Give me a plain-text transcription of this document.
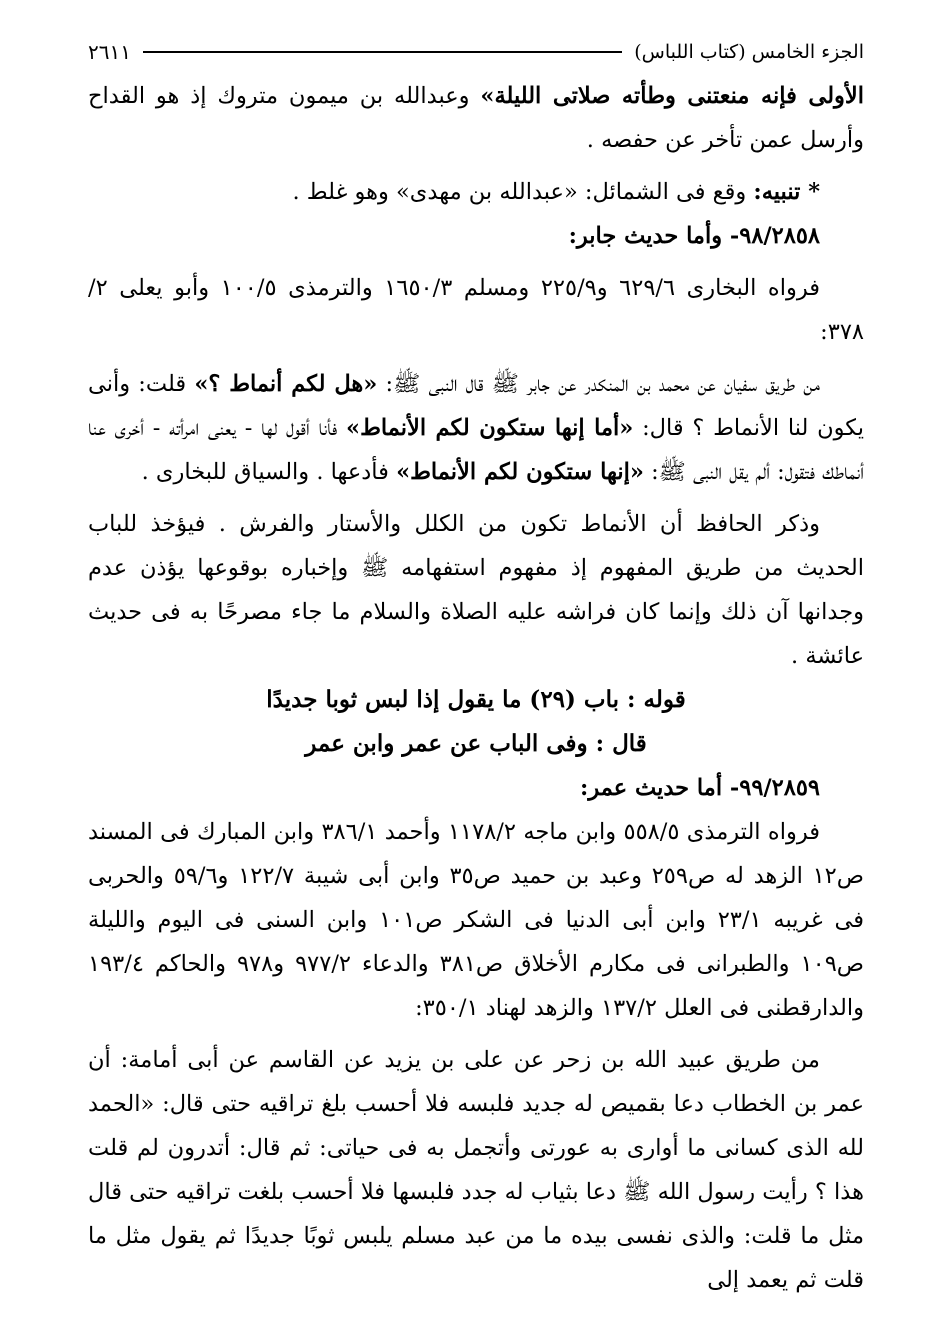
الجزء الخامس (كتاب اللباس)
٢٦١١

الأولى فإنه منعتنى وطأته صلاتى الليلة» وعبدالله بن ميمون متروك إذ هو القداح وأرسل عمن تأخر عن حفصه .

* تنبيه: وقع فى الشمائل: «عبدالله بن مهدى» وهو غلط .

٩٨/٢٨٥٨- وأما حديث جابر:

فرواه البخارى ٦٢٩/٦ و٢٢٥/٩ ومسلم ١٦٥٠/٣ والترمذى ١٠٠/٥ وأبو يعلى ٢/ ٣٧٨:

من طريق سفيان عن محمد بن المنكدر عن جابر ﷺ قال النبى ﷺ: «هل لكم أنماط ؟» قلت: وأنى يكون لنا الأنماط ؟ قال: «أما إنها ستكون لكم الأنماط» فأنا أقول لها - يعنى امرأته - أخرى عنا أنماطك فتقول: ألم يقل النبى ﷺ: «إنها ستكون لكم الأنماط» فأدعها . والسياق للبخارى .

وذكر الحافظ أن الأنماط تكون من الكلل والأستار والفرش . فيؤخذ للباب الحديث من طريق المفهوم إذ مفهوم استفهامه ﷺ وإخباره بوقوعها يؤذن عدم وجدانها آن ذلك وإنما كان فراشه عليه الصلاة والسلام ما جاء مصرحًا به فى حديث عائشة .

قوله : باب (٢٩) ما يقول إذا لبس ثوبا جديدًا

قال : وفى الباب عن عمر وابن عمر

٩٩/٢٨٥٩- أما حديث عمر:

فرواه الترمذى ٥٥٨/٥ وابن ماجه ١١٧٨/٢ وأحمد ٣٨٦/١ وابن المبارك فى المسند ص١٢ الزهد له ص٢٥٩ وعبد بن حميد ص٣٥ وابن أبى شيبة ١٢٢/٧ و٥٩/٦ والحربى فى غريبه ٢٣/١ وابن أبى الدنيا فى الشكر ص١٠١ وابن السنى فى اليوم والليلة ص١٠٩ والطبرانى فى مكارم الأخلاق ص٣٨١ والدعاء ٩٧٧/٢ و٩٧٨ والحاكم ١٩٣/٤ والدارقطنى فى العلل ١٣٧/٢ والزهد لهناد ٣٥٠/١:

من طريق عبيد الله بن زحر عن على بن يزيد عن القاسم عن أبى أمامة: أن عمر بن الخطاب دعا بقميص له جديد فلبسه فلا أحسب بلغ تراقيه حتى قال: «الحمد لله الذى كسانى ما أوارى به عورتى وأتجمل به فى حياتى: ثم قال: أتدرون لم قلت هذا ؟ رأيت رسول الله ﷺ دعا بثياب له جدد فلبسها فلا أحسب بلغت تراقيه حتى قال مثل ما قلت: والذى نفسى بيده ما من عبد مسلم يلبس ثوبًا جديدًا ثم يقول مثل ما قلت ثم يعمد إلى
